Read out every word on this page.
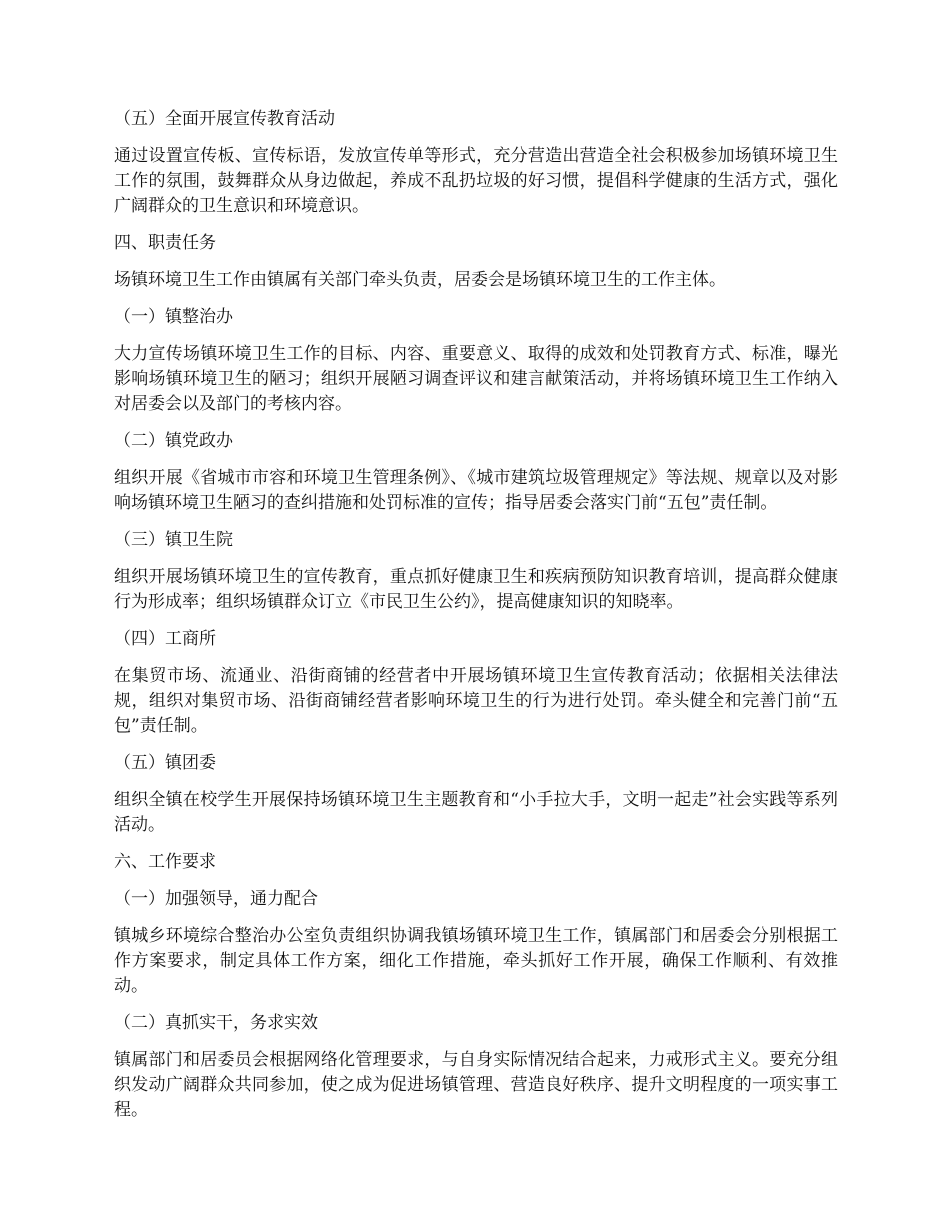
（五）全面开展宣传教育活动
通过设置宣传板、宣传标语，发放宣传单等形式，充分营造出营造全社会积极参加场镇环境卫生工作的氛围，鼓舞群众从身边做起，养成不乱扔垃圾的好习惯，提倡科学健康的生活方式，强化广阔群众的卫生意识和环境意识。
四、职责任务
场镇环境卫生工作由镇属有关部门牵头负责，居委会是场镇环境卫生的工作主体。
（一）镇整治办
大力宣传场镇环境卫生工作的目标、内容、重要意义、取得的成效和处罚教育方式、标准，曝光影响场镇环境卫生的陋习；组织开展陋习调查评议和建言献策活动，并将场镇环境卫生工作纳入对居委会以及部门的考核内容。
（二）镇党政办
组织开展《省城市市容和环境卫生管理条例》、《城市建筑垃圾管理规定》等法规、规章以及对影响场镇环境卫生陋习的查纠措施和处罚标准的宣传；指导居委会落实门前“五包”责任制。
（三）镇卫生院
组织开展场镇环境卫生的宣传教育，重点抓好健康卫生和疾病预防知识教育培训，提高群众健康行为形成率；组织场镇群众订立《市民卫生公约》，提高健康知识的知晓率。
（四）工商所
在集贸市场、流通业、沿街商铺的经营者中开展场镇环境卫生宣传教育活动；依据相关法律法规，组织对集贸市场、沿街商铺经营者影响环境卫生的行为进行处罚。牵头健全和完善门前“五包”责任制。
（五）镇团委
组织全镇在校学生开展保持场镇环境卫生主题教育和“小手拉大手，文明一起走”社会实践等系列活动。
六、工作要求
（一）加强领导，通力配合
镇城乡环境综合整治办公室负责组织协调我镇场镇环境卫生工作，镇属部门和居委会分别根据工作方案要求，制定具体工作方案，细化工作措施，牵头抓好工作开展，确保工作顺利、有效推动。
（二）真抓实干，务求实效
镇属部门和居委员会根据网络化管理要求，与自身实际情况结合起来，力戒形式主义。要充分组织发动广阔群众共同参加，使之成为促进场镇管理、营造良好秩序、提升文明程度的一项实事工程。
